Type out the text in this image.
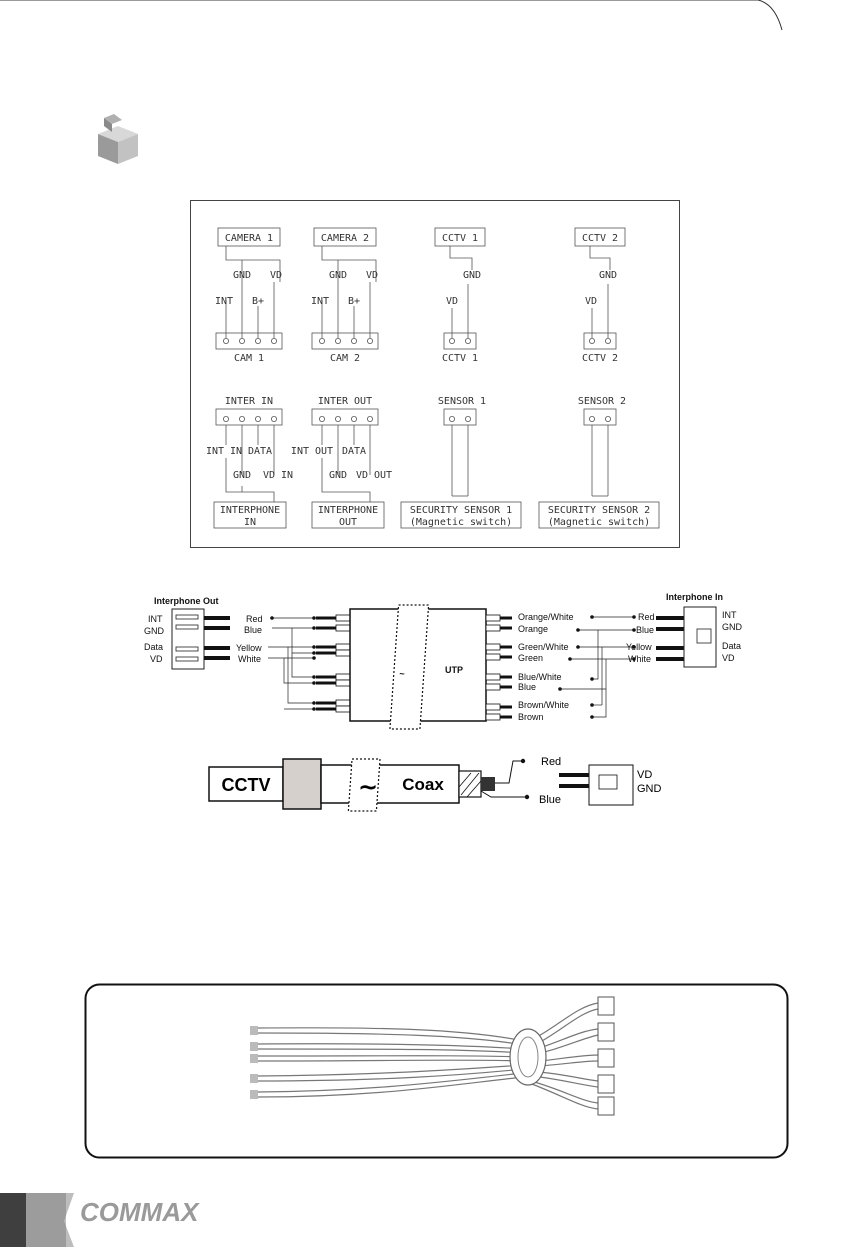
CAMERA 1	CAMERA 2	CCTV 1	CCTV 2
GND VD
INT B+
GND VD
INT B+
GND
VD
GND
VD
CAM 1	CAM 2	CCTV 1	CCTV 2
INTER IN	INTER OUT	SENSOR 1	SENSOR 2
INT IN DATA
GND VD IN
INT OUT DATA
GND VD OUT
INTERPHONE
IN
INTERPHONE
OUT
SECURITY SENSOR 1
(Magnetic switch)
SECURITY SENSOR 2
(Magnetic switch)
Interphone Out
INT
GND
Data
VD
Red
Blue
Yellow
White
~	UTP
Orange/White
Orange
Green/White
Green
Blue/White
Blue
Brown/White
Brown
Red
Blue
Yellow
White
Interphone In
INT
GND
Data
VD
CCTV	~ Coax
Red
Blue
VD
GND
COMMAX
